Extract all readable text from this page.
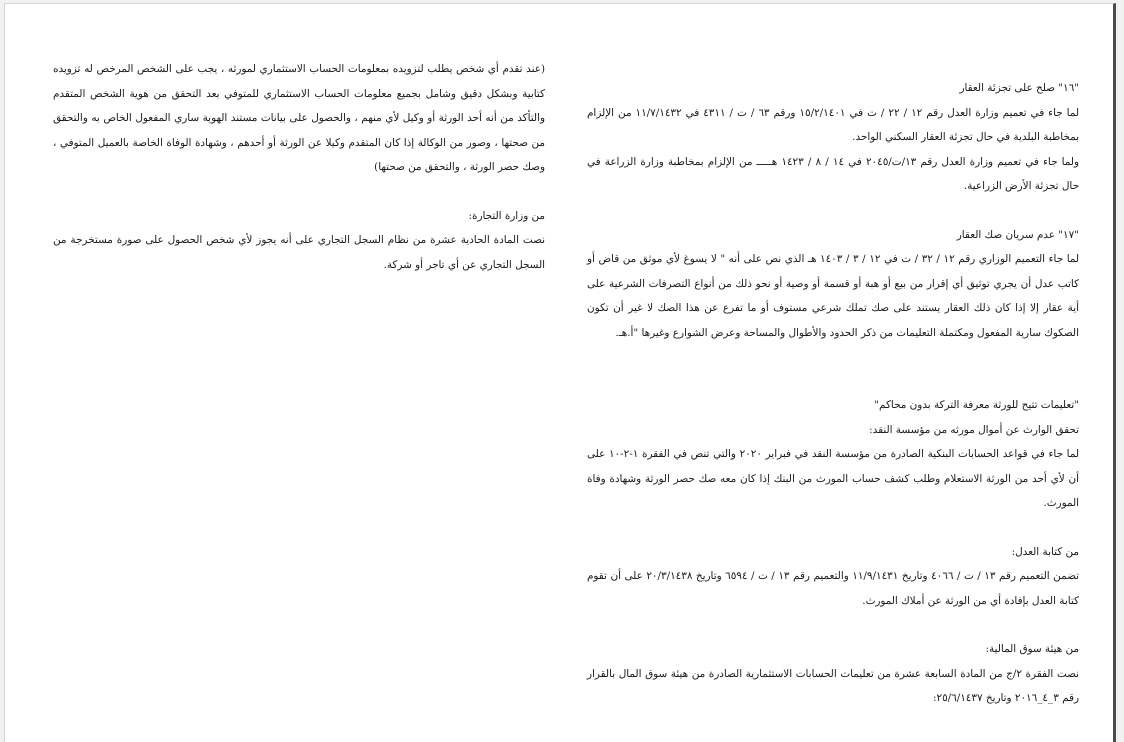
"١٦" صلح على تجزئة العقار

لما جاء في تعميم وزارة العدل رقم ١٢ / ٢٢ / ت في ١٥/٢/١٤٠١ ورقم ٦٣ / ت / ٤٣١١ في ١١/٧/١٤٣٢ من الإلزام بمخاطبة البلدية في حال تجزئة العقار السكني الواحد.

ولما جاء في تعميم وزارة العدل رقم ١٣/ت/٢٠٤٥ في ١٤ / ٨ / ١٤٢٣ هـــــ من الإلزام بمخاطبة وزارة الزراعة في حال تجزئة الأرض الزراعية.

"١٧" عدم سريان صك العقار

لما جاء التعميم الوزاري رقم ١٢ / ٣٢ / ت في ١٢ / ٣ / ١٤٠٣ هـ الذي نص على أنه " لا يسوغ لأي موثق من قاض أو كاتب عدل أن يجري توثيق أي إقرار من بيع أو هبة أو قسمة أو وصية أو نحو ذلك من أنواع التصرفات الشرعية على أية عقار إلا إذا كان ذلك العقار يستند على صك تملك شرعي مستوف أو ما تفرع عن هذا الصك لا غير أن تكون الصكوك سارية المفعول ومكتملة التعليمات من ذكر الحدود والأطوال والمساحة وعرض الشوارع وغيرها "أ.هـ.

"تعليمات تتيح للورثة معرفة التركة بدون محاكم"

تحقق الوارث عن أموال مورثه من مؤسسة النقد:

لما جاء في قواعد الحسابات البنكية الصادرة من مؤسسة النقد في فبراير ٢٠٢٠ والتي تنص في الفقرة ١-٢-١٠ على أن لأي أحد من الورثة الاستعلام وطلب كشف حساب المورث من البنك إذا كان معه صك حصر الورثة وشهادة وفاة المورث.

من كتابة العدل:

تضمن التعميم رقم ١٣ / ت / ٤٠٦٦ وتاريخ ١١/٩/١٤٣١ والتعميم رقم ١٣ / ت / ٦٥٩٤ وتاريخ ٢٠/٣/١٤٣٨ على أن تقوم كتابة العدل بإفادة أي من الورثة عن أملاك المورث.

من هيئة سوق المالية:

نصت الفقرة ٢/ج من المادة السابعة عشرة من تعليمات الحسابات الاستثمارية الصادرة من هيئة سوق المال بالقرار رقم ٣_٤_٢٠١٦ وتاريخ ٢٥/٦/١٤٣٧:

(عند تقدم أي شخص يطلب لتزويده بمعلومات الحساب الاستثماري لمورثه ، يجب على الشخص المرخص له تزويده كتابية وبشكل دقيق وشامل بجميع معلومات الحساب الاستثماري للمتوفي بعد التحقق من هوية الشخص المتقدم والتأكد من أنه أحد الورثة أو وكيل لأي منهم ، والحصول على بيانات مستند الهوية ساري المفعول الخاص به والتحقق من صحتها ، وصور من الوكالة إذا كان المتقدم وكيلا عن الورثة أو أحدهم ، وشهادة الوفاة الخاصة بالعميل المتوفي ، وصك حصر الورثة ، والتحقق من صحتها)

من وزارة التجارة:

نصت المادة الحادية عشرة من نظام السجل التجاري على أنه يجوز لأي شخص الحصول على صورة مستخرجة من السجل التجاري عن أي تاجر أو شركة.
